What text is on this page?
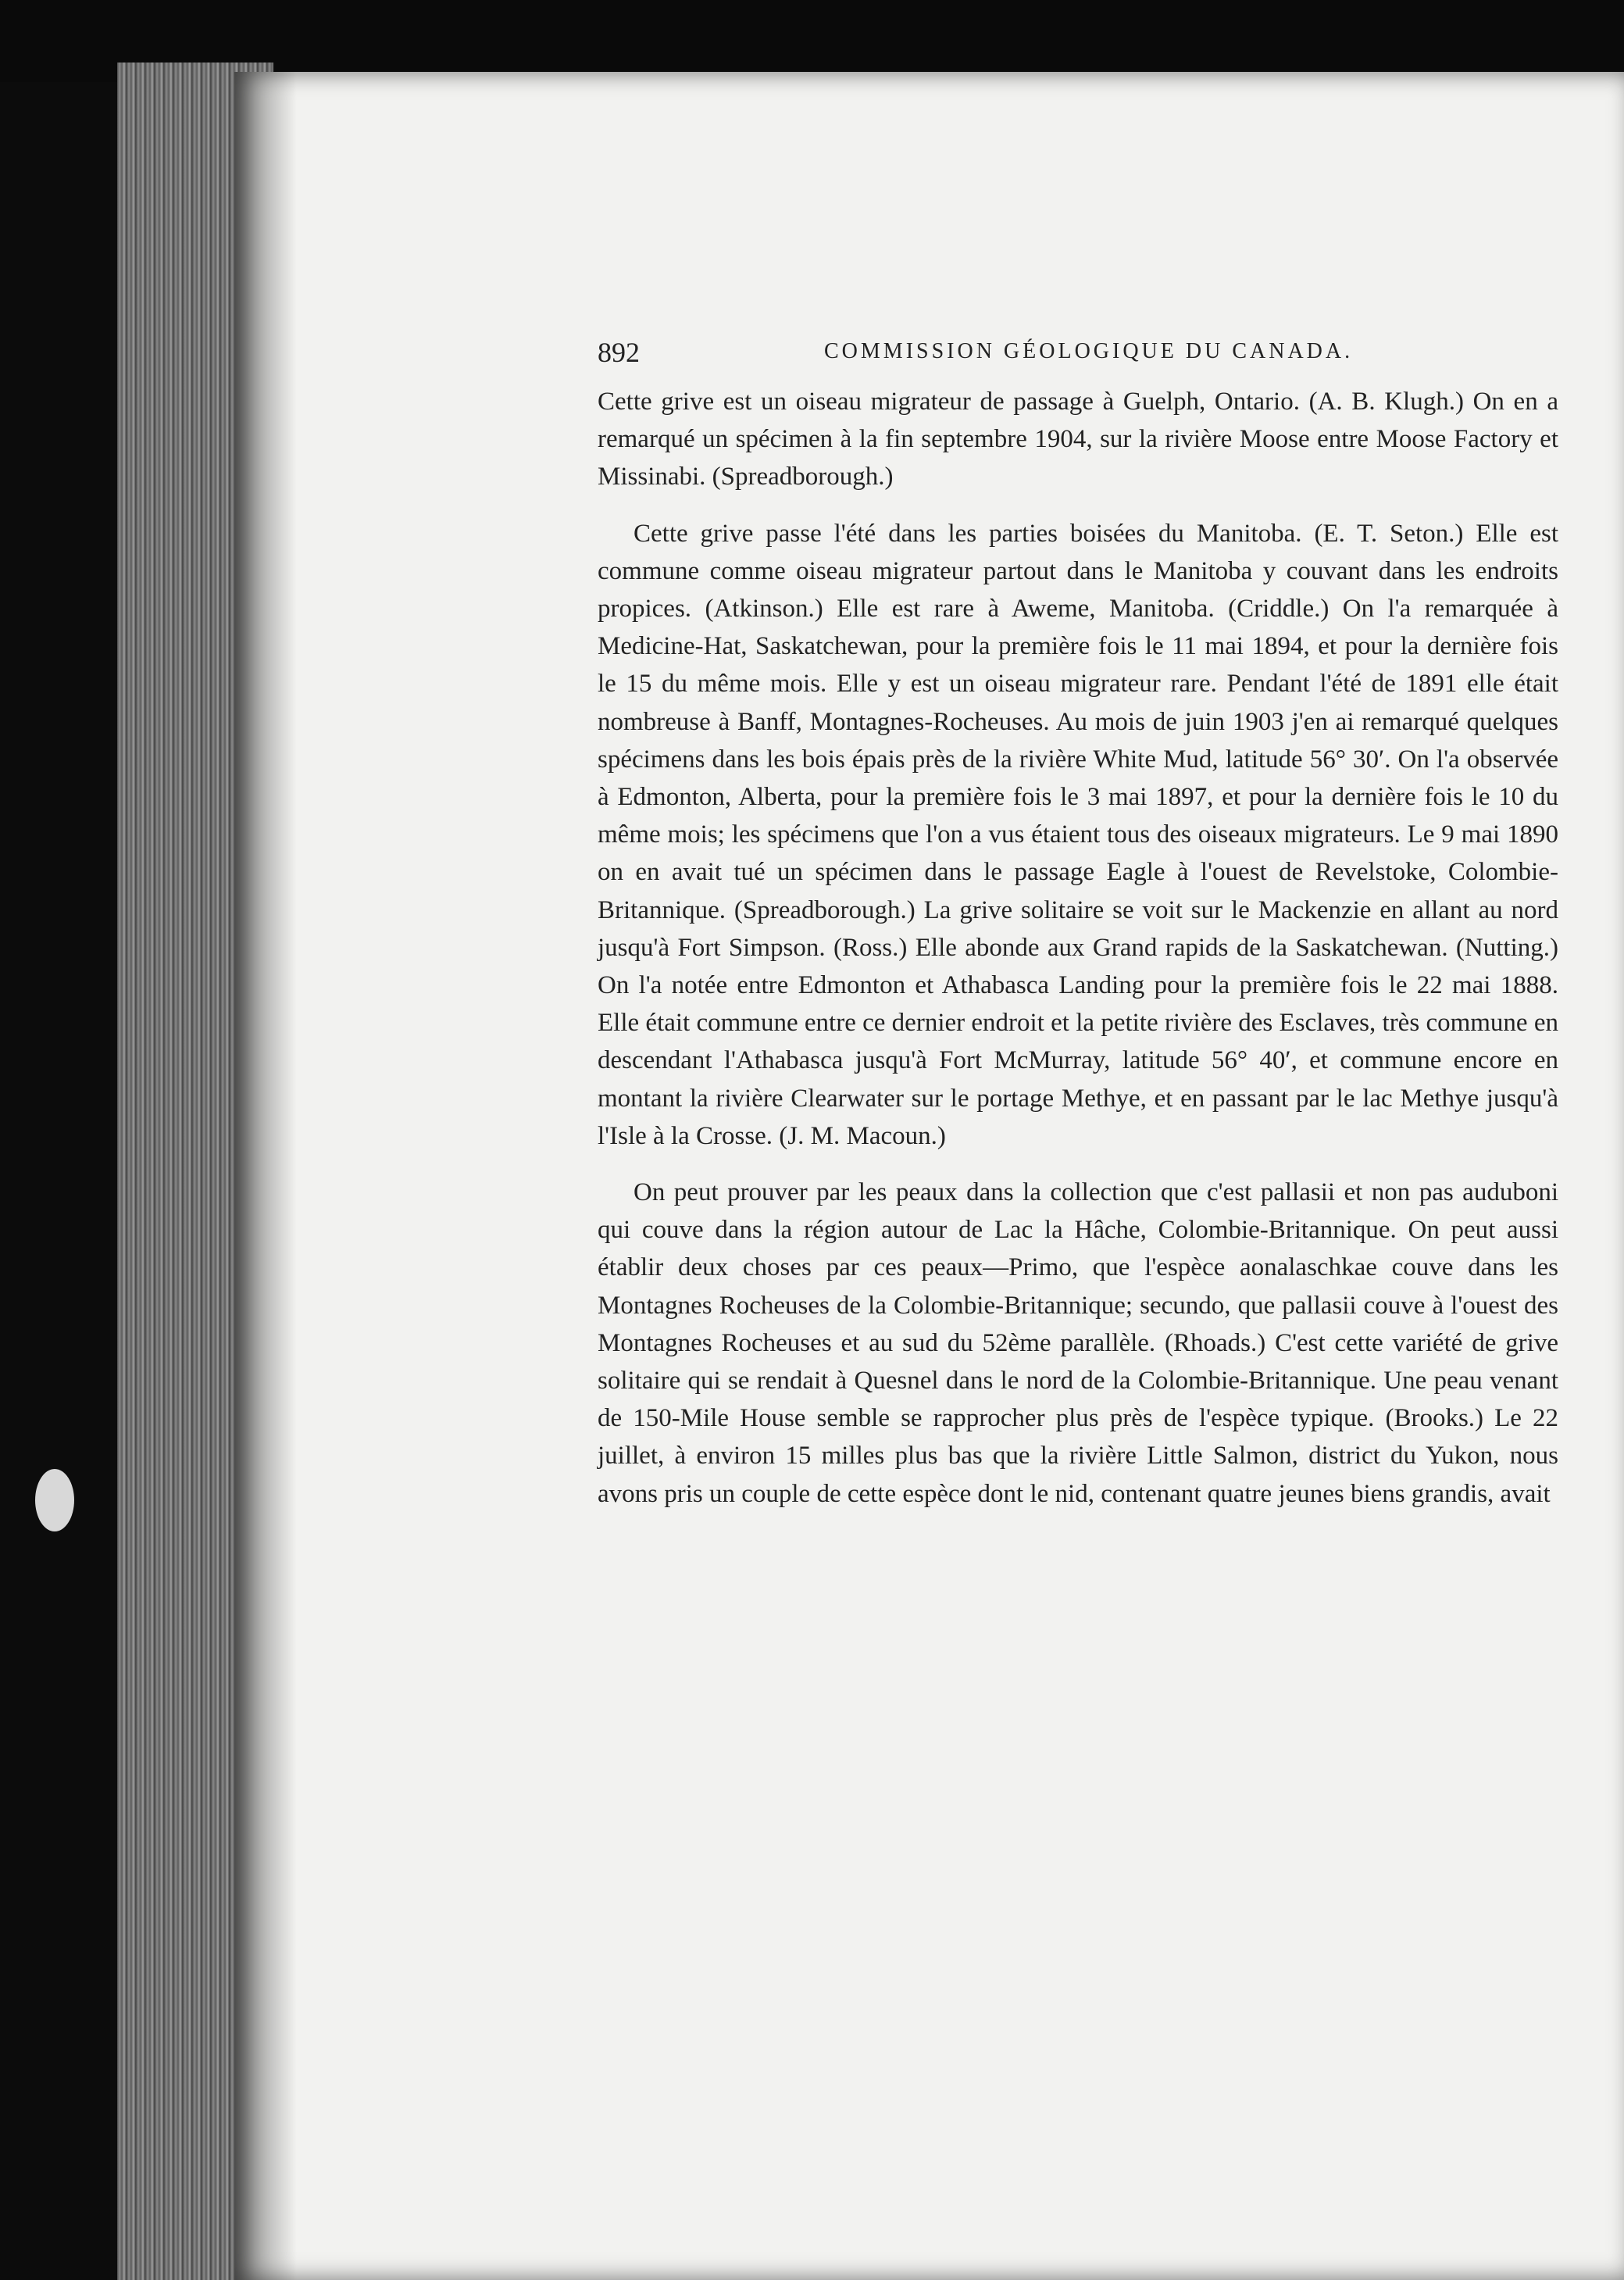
892	COMMISSION GÉOLOGIQUE DU CANADA.

Cette grive est un oiseau migrateur de passage à Guelph, Ontario. (A. B. Klugh.) On en a remarqué un spécimen à la fin septembre 1904, sur la rivière Moose entre Moose Factory et Missinabi. (Spreadborough.)

Cette grive passe l'été dans les parties boisées du Manitoba. (E. T. Seton.) Elle est commune comme oiseau migrateur partout dans le Manitoba y couvant dans les endroits propices. (Atkinson.) Elle est rare à Aweme, Manitoba. (Criddle.) On l'a remarquée à Medicine-Hat, Saskatchewan, pour la première fois le 11 mai 1894, et pour la dernière fois le 15 du même mois. Elle y est un oiseau migrateur rare. Pendant l'été de 1891 elle était nombreuse à Banff, Montagnes-Rocheuses. Au mois de juin 1903 j'en ai remarqué quelques spécimens dans les bois épais près de la rivière White Mud, latitude 56° 30′. On l'a observée à Edmonton, Alberta, pour la première fois le 3 mai 1897, et pour la dernière fois le 10 du même mois; les spécimens que l'on a vus étaient tous des oiseaux migrateurs. Le 9 mai 1890 on en avait tué un spécimen dans le passage Eagle à l'ouest de Revelstoke, Colombie-Britannique. (Spreadborough.) La grive solitaire se voit sur le Mackenzie en allant au nord jusqu'à Fort Simpson. (Ross.) Elle abonde aux Grand rapids de la Saskatchewan. (Nutting.) On l'a notée entre Edmonton et Athabasca Landing pour la première fois le 22 mai 1888. Elle était commune entre ce dernier endroit et la petite rivière des Esclaves, très commune en descendant l'Athabasca jusqu'à Fort McMurray, latitude 56° 40′, et commune encore en montant la rivière Clearwater sur le portage Methye, et en passant par le lac Methye jusqu'à l'Isle à la Crosse. (J. M. Macoun.)

On peut prouver par les peaux dans la collection que c'est pallasii et non pas auduboni qui couve dans la région autour de Lac la Hâche, Colombie-Britannique. On peut aussi établir deux choses par ces peaux—Primo, que l'espèce aonalaschkae couve dans les Montagnes Rocheuses de la Colombie-Britannique; secundo, que pallasii couve à l'ouest des Montagnes Rocheuses et au sud du 52ème parallèle. (Rhoads.) C'est cette variété de grive solitaire qui se rendait à Quesnel dans le nord de la Colombie-Britannique. Une peau venant de 150-Mile House semble se rapprocher plus près de l'espèce typique. (Brooks.) Le 22 juillet, à environ 15 milles plus bas que la rivière Little Salmon, district du Yukon, nous avons pris un couple de cette espèce dont le nid, contenant quatre jeunes biens grandis, avait
